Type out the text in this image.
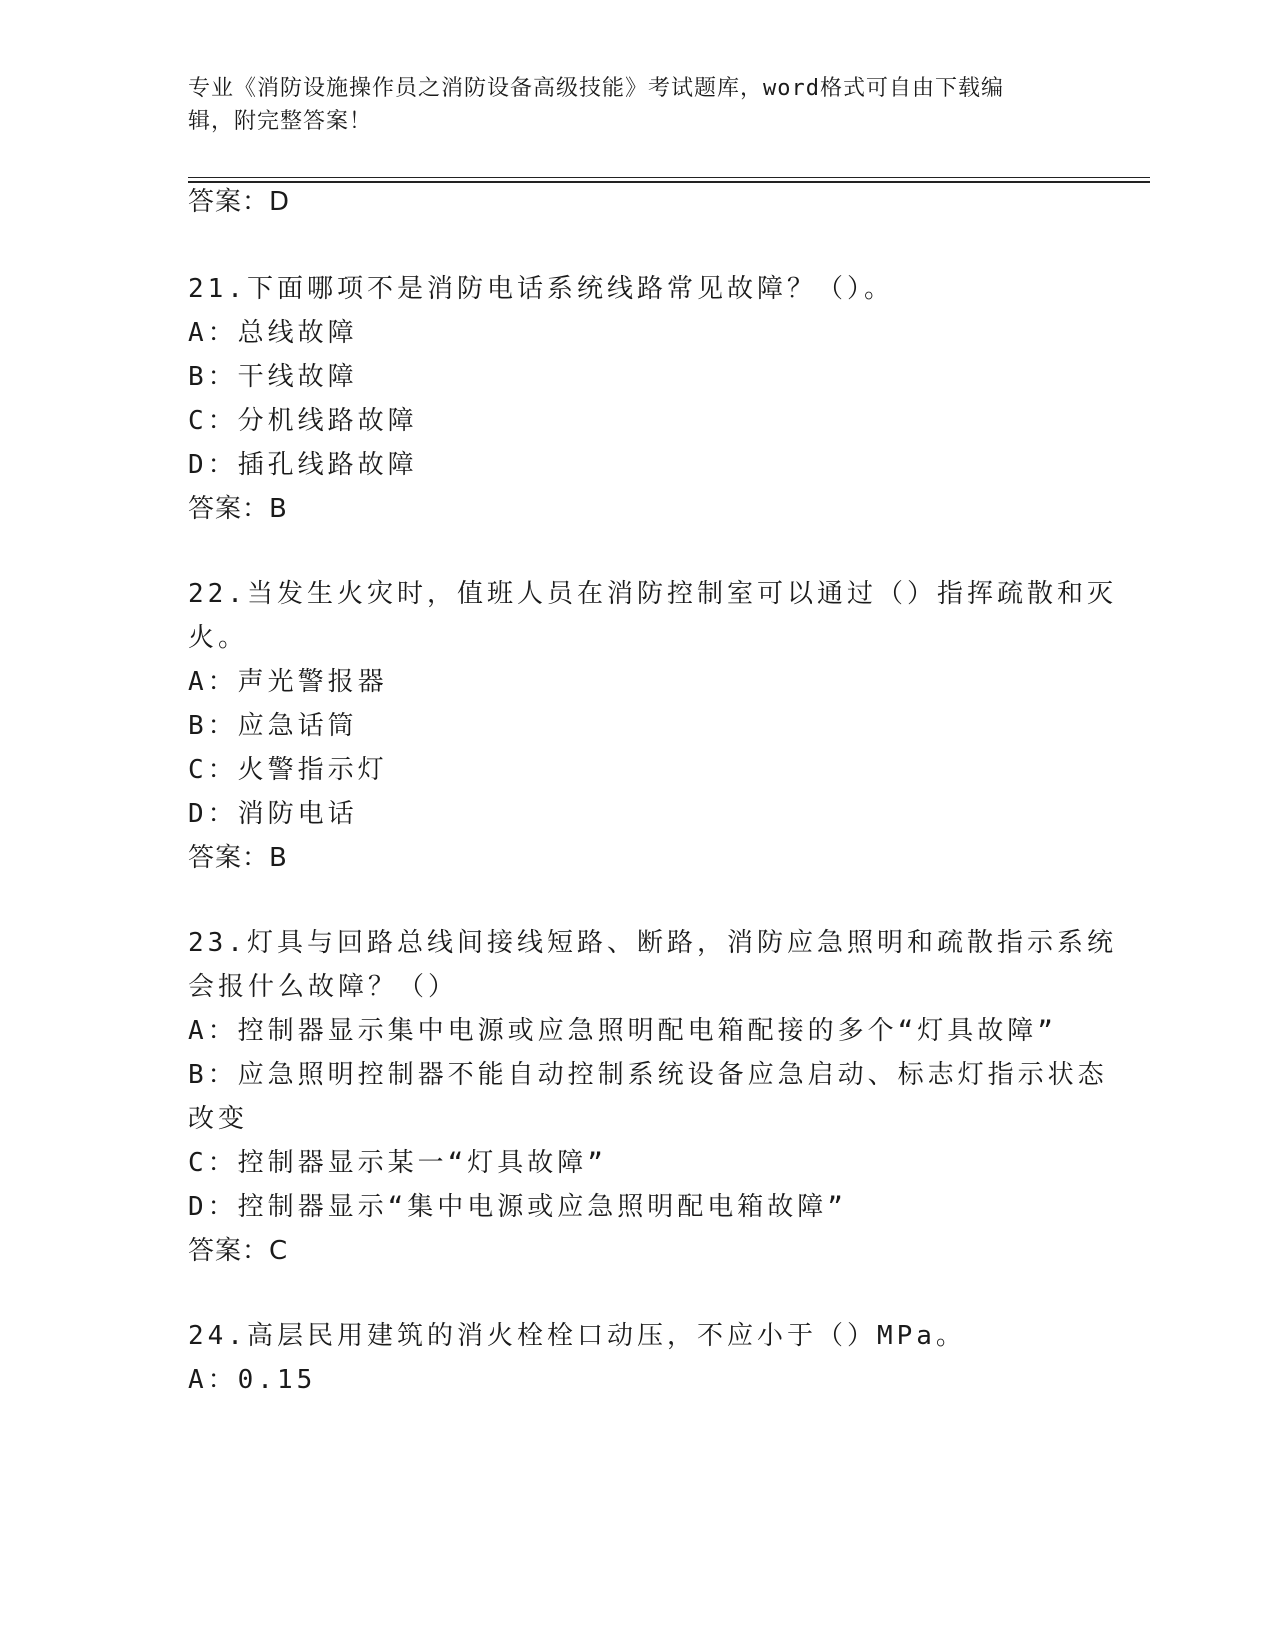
专业《消防设施操作员之消防设备高级技能》考试题库，word格式可自由下载编
辑，附完整答案！
答案：D
21.下面哪项不是消防电话系统线路常见故障？（）。
A：总线故障
B：干线故障
C：分机线路故障
D：插孔线路故障
答案：B
22.当发生火灾时，值班人员在消防控制室可以通过（）指挥疏散和灭
火。
A：声光警报器
B：应急话筒
C：火警指示灯
D：消防电话
答案：B
23.灯具与回路总线间接线短路、断路，消防应急照明和疏散指示系统
会报什么故障？（）
A：控制器显示集中电源或应急照明配电箱配接的多个“灯具故障”
B：应急照明控制器不能自动控制系统设备应急启动、标志灯指示状态
改变
C：控制器显示某一“灯具故障”
D：控制器显示“集中电源或应急照明配电箱故障”
答案：C
24.高层民用建筑的消火栓栓口动压，不应小于（）MPa。
A：0.15
